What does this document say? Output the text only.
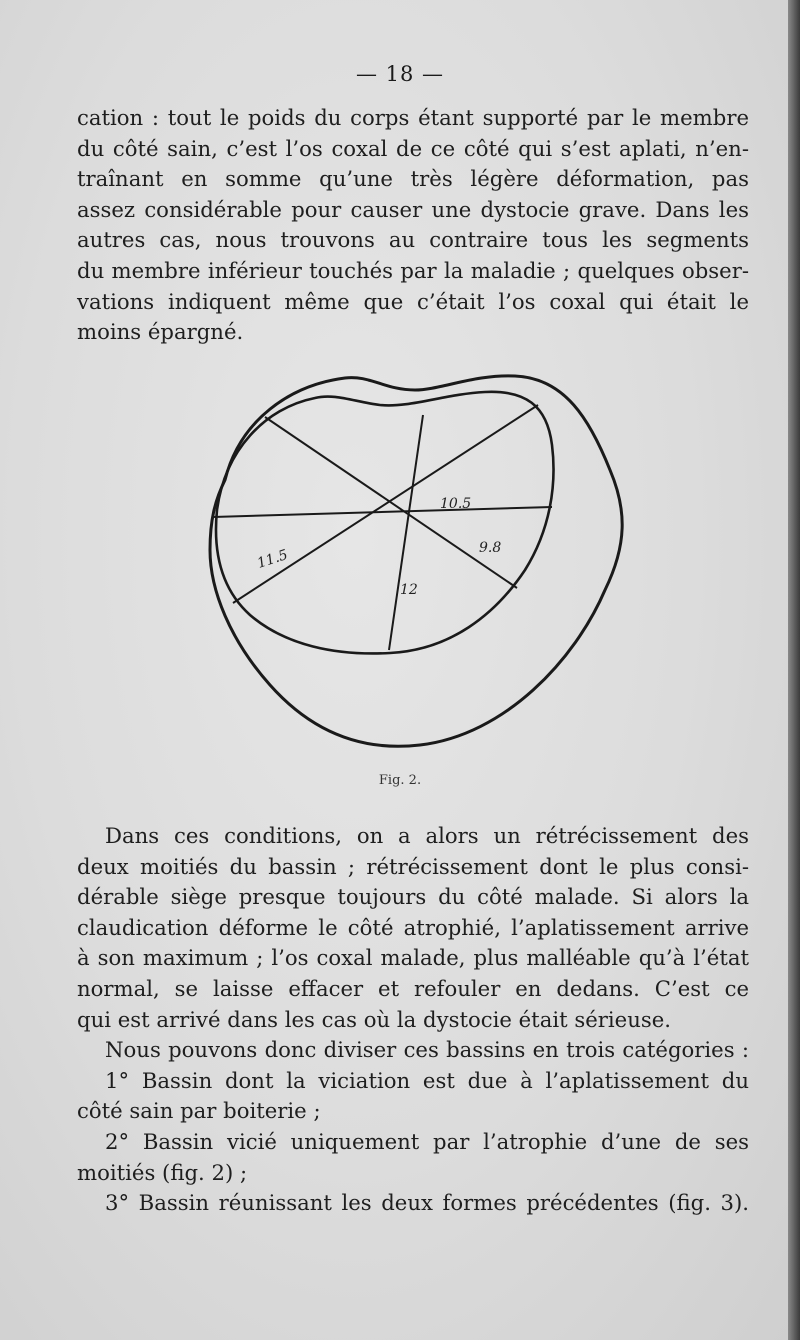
— 18 —
cation : tout le poids du corps étant supporté par le membre
du côté sain, c’est l’os coxal de ce côté qui s’est aplati, n’en-
traînant en somme qu’une très légère déformation, pas
assez considérable pour causer une dystocie grave. Dans les
autres cas, nous trouvons au contraire tous les segments
du membre inférieur touchés par la maladie ; quelques obser-
vations indiquent même que c’était l’os coxal qui était le
moins épargné.
10.5
9.8
11.5
12
Fig. 2.
Dans ces conditions, on a alors un rétrécissement des
deux moitiés du bassin ; rétrécissement dont le plus consi-
dérable siège presque toujours du côté malade. Si alors la
claudication déforme le côté atrophié, l’aplatissement arrive
à son maximum ; l’os coxal malade, plus malléable qu’à l’état
normal, se laisse effacer et refouler en dedans. C’est ce
qui est arrivé dans les cas où la dystocie était sérieuse.
Nous pouvons donc diviser ces bassins en trois catégories :
1° Bassin dont la viciation est due à l’aplatissement du
côté sain par boiterie ;
2° Bassin vicié uniquement par l’atrophie d’une de ses
moitiés (fig. 2) ;
3° Bassin réunissant les deux formes précédentes (fig. 3).
